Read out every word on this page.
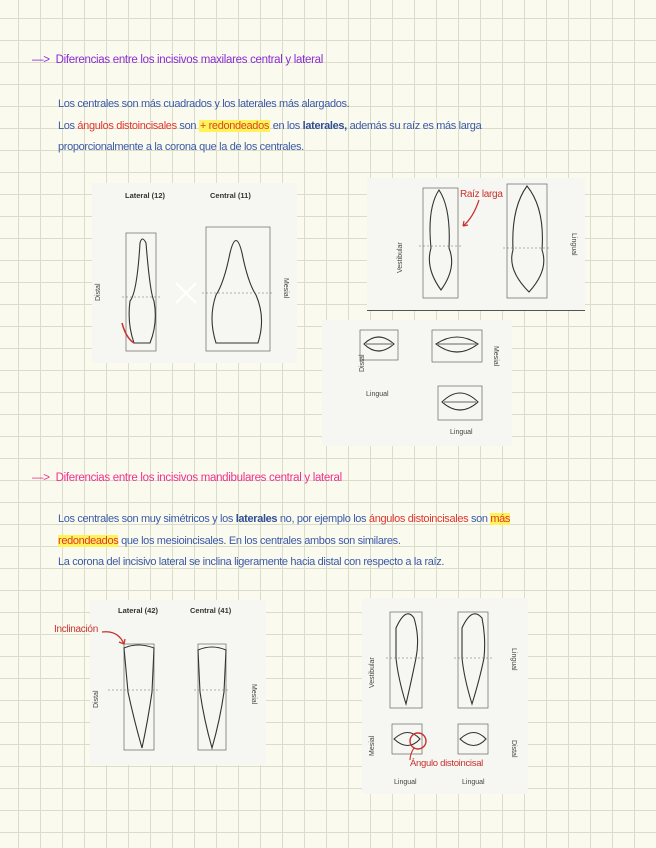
—> Diferencias entre los incisivos maxilares central y lateral
Los centrales son más cuadrados y los laterales más alargados.
Los ángulos distoincisales son + redondeados en los laterales, además su raíz es más larga
proporcionalmente a la corona que la de los centrales.
Lateral (12)	Central (11)
Distal	Mesial
Vestibular	Lingual
Raíz larga
Distal	Mesial
Lingual
Lingual
—> Diferencias entre los incisivos mandibulares central y lateral
Los centrales son muy simétricos y los laterales no, por ejemplo los ángulos distoincisales son más
redondeados que los mesioincisales. En los centrales ambos son similares.
La corona del incisivo lateral se inclina ligeramente hacia distal con respecto a la raíz.
Lateral (42)	Central (41)
Distal	Mesial
Inclinación
Vestibular	Lingual
Mesial	Distal
Lingual	Lingual
Ángulo distoincisal
